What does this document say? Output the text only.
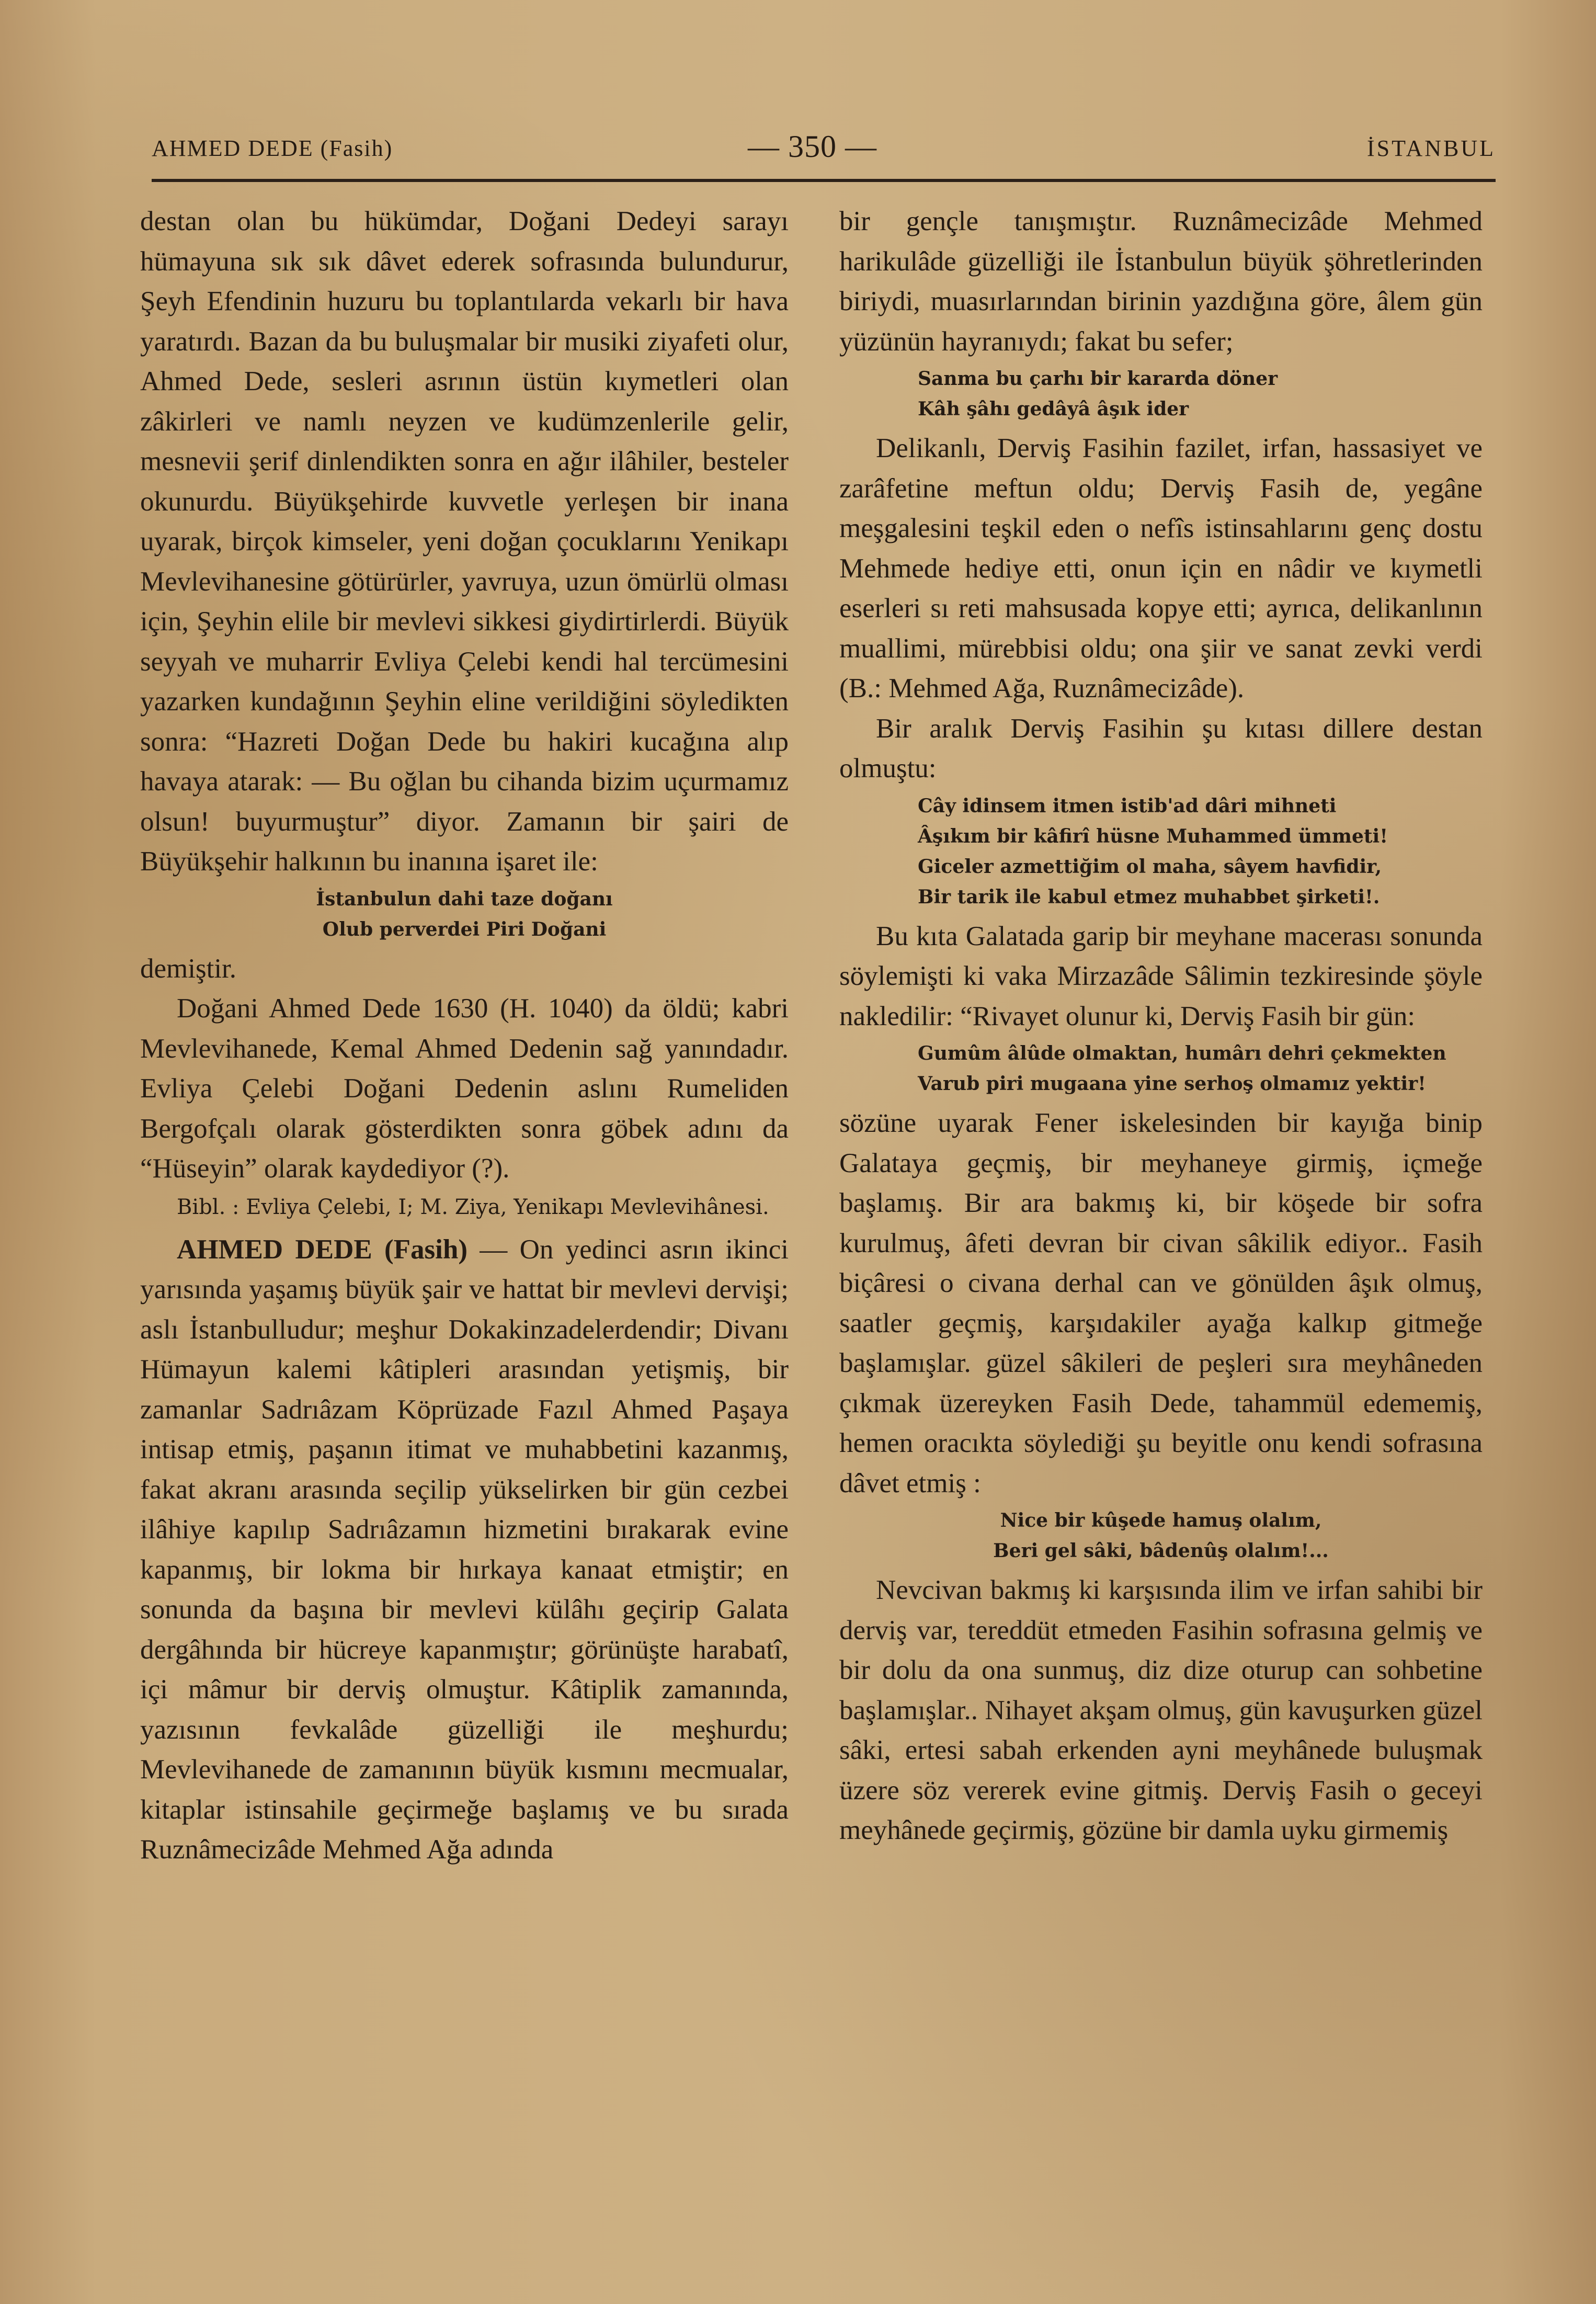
AHMED DEDE (Fasih)	— 350 —	İSTANBUL

destan olan bu hükümdar, Doğani Dedeyi sarayı hümayuna sık sık dâvet ederek sofrasında bulundurur, Şeyh Efendinin huzuru bu toplantılarda vekarlı bir hava yaratırdı. Bazan da bu buluşmalar bir musiki ziyafeti olur, Ahmed Dede, sesleri asrının üstün kıymetleri olan zâkirleri ve namlı neyzen ve kudümzenlerile gelir, mesnevii şerif dinlendikten sonra en ağır ilâhiler, besteler okunurdu. Büyükşehirde kuvvetle yerleşen bir inana uyarak, birçok kimseler, yeni doğan çocuklarını Yenikapı Mevlevihanesine götürürler, yavruya, uzun ömürlü olması için, Şeyhin elile bir mevlevi sikkesi giydirtirlerdi. Büyük seyyah ve muharrir Evliya Çelebi kendi hal tercümesini yazarken kundağının Şeyhin eline verildiğini söyledikten sonra: “Hazreti Doğan Dede bu hakiri kucağına alıp havaya atarak: — Bu oğlan bu cihanda bizim uçurmamız olsun! buyurmuştur” diyor. Zamanın bir şairi de Büyükşehir halkının bu inanına işaret ile:

İstanbulun dahi taze doğanı
Olub perverdei Piri Doğani

demiştir.

Doğani Ahmed Dede 1630 (H. 1040) da öldü; kabri Mevlevihanede, Kemal Ahmed Dedenin sağ yanındadır. Evliya Çelebi Doğani Dedenin aslını Rumeliden Bergofçalı olarak gösterdikten sonra göbek adını da “Hüseyin” olarak kaydediyor (?).

Bibl. : Evliya Çelebi, I; M. Ziya, Yenikapı Mevlevihânesi.

AHMED DEDE (Fasih) — On yedinci asrın ikinci yarısında yaşamış büyük şair ve hattat bir mevlevi dervişi; aslı İstanbulludur; meşhur Dokakinzadelerdendir; Divanı Hümayun kalemi kâtipleri arasından yetişmiş, bir zamanlar Sadrıâzam Köprüzade Fazıl Ahmed Paşaya intisap etmiş, paşanın itimat ve muhabbetini kazanmış, fakat akranı arasında seçilip yükselirken bir gün cezbei ilâhiye kapılıp Sadrıâzamın hizmetini bırakarak evine kapanmış, bir lokma bir hırkaya kanaat etmiştir; en sonunda da başına bir mevlevi külâhı geçirip Galata dergâhında bir hücreye kapanmıştır; görünüşte harabatî, içi mâmur bir derviş olmuştur. Kâtiplik zamanında, yazısının fevkalâde güzelliği ile meşhurdu; Mevlevihanede de zamanının büyük kısmını mecmualar, kitaplar istinsahile geçirmeğe başlamış ve bu sırada Ruznâmecizâde Mehmed Ağa adında

bir gençle tanışmıştır. Ruznâmecizâde Mehmed harikulâde güzelliği ile İstanbulun büyük şöhretlerinden biriydi, muasırlarından birinin yazdığına göre, âlem gün yüzünün hayranıydı; fakat bu sefer;

Sanma bu çarhı bir kararda döner
Kâh şâhı gedâyâ âşık ider

Delikanlı, Derviş Fasihin fazilet, irfan, hassasiyet ve zarâfetine meftun oldu; Derviş Fasih de, yegâne meşgalesini teşkil eden o nefîs istinsahlarını genç dostu Mehmede hediye etti, onun için en nâdir ve kıymetli eserleri sı reti mahsusada kopye etti; ayrıca, delikanlının muallimi, mürebbisi oldu; ona şiir ve sanat zevki verdi (B.: Mehmed Ağa, Ruznâmecizâde).

Bir aralık Derviş Fasihin şu kıtası dillere destan olmuştu:

Cây idinsem itmen istib'ad dâri mihneti
Âşıkım bir kâfirî hüsne Muhammed ümmeti!
Giceler azmettiğim ol maha, sâyem havfidir,
Bir tarik ile kabul etmez muhabbet şirketi!.

Bu kıta Galatada garip bir meyhane macerası sonunda söylemişti ki vaka Mirzazâde Sâlimin tezkiresinde şöyle nakledilir: “Rivayet olunur ki, Derviş Fasih bir gün:

Gumûm âlûde olmaktan, humârı dehri çekmekten
Varub piri mugaana yine serhoş olmamız yektir!

sözüne uyarak Fener iskelesinden bir kayığa binip Galataya geçmiş, bir meyhaneye girmiş, içmeğe başlamış. Bir ara bakmış ki, bir köşede bir sofra kurulmuş, âfeti devran bir civan sâkilik ediyor.. Fasih biçâresi o civana derhal can ve gönülden âşık olmuş, saatler geçmiş, karşıdakiler ayağa kalkıp gitmeğe başlamışlar. güzel sâkileri de peşleri sıra meyhâneden çıkmak üzereyken Fasih Dede, tahammül edememiş, hemen oracıkta söylediği şu beyitle onu kendi sofrasına dâvet etmiş :

Nice bir kûşede hamuş olalım,
Beri gel sâki, bâdenûş olalım!...

Nevcivan bakmış ki karşısında ilim ve irfan sahibi bir derviş var, tereddüt etmeden Fasihin sofrasına gelmiş ve bir dolu da ona sunmuş, diz dize oturup can sohbetine başlamışlar.. Nihayet akşam olmuş, gün kavuşurken güzel sâki, ertesi sabah erkenden ayni meyhânede buluşmak üzere söz vererek evine gitmiş. Derviş Fasih o geceyi meyhânede geçirmiş, gözüne bir damla uyku girmemiş
